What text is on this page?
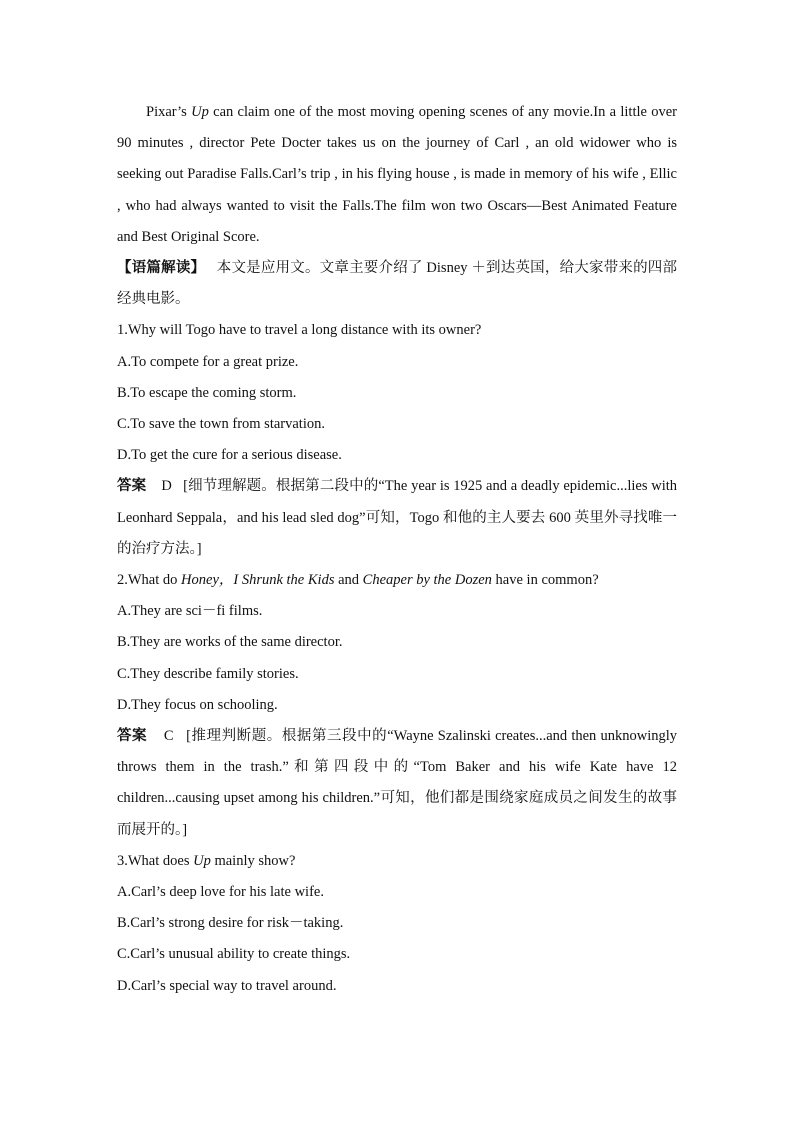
Pixar’s Up can claim one of the most moving opening scenes of any movie.In a little over 90 minutes , director Pete Docter takes us on the journey of Carl , an old widower who is seeking out Paradise Falls.Carl’s trip , in his flying house , is made in memory of his wife , Ellic , who had always wanted to visit the Falls.The film won two Oscars—Best Animated Feature and Best Original Score.

【语篇解读】 本文是应用文。文章主要介绍了 Disney ＋到达英国，给大家带来的四部经典电影。

1.Why will Togo have to travel a long distance with its owner?

A.To compete for a great prize.

B.To escape the coming storm.

C.To save the town from starvation.

D.To get the cure for a serious disease.

答案 D [细节理解题。根据第二段中的“The year is 1925 and a deadly epidemic...lies with Leonhard Seppala，and his lead sled dog”可知，Togo 和他的主人要去 600 英里外寻找唯一的治疗方法。]

2.What do Honey，I Shrunk the Kids and Cheaper by the Dozen have in common?

A.They are sci－fi films.

B.They are works of the same director.

C.They describe family stories.

D.They focus on schooling.

答案 C [推理判断题。根据第三段中的“Wayne Szalinski creates...and then unknowingly throws them in the trash.”和第四段中的“Tom Baker and his wife Kate have 12 children...causing upset among his children.”可知，他们都是围绕家庭成员之间发生的故事而展开的。]

3.What does Up mainly show?

A.Carl’s deep love for his late wife.

B.Carl’s strong desire for risk－taking.

C.Carl’s unusual ability to create things.

D.Carl’s special way to travel around.
